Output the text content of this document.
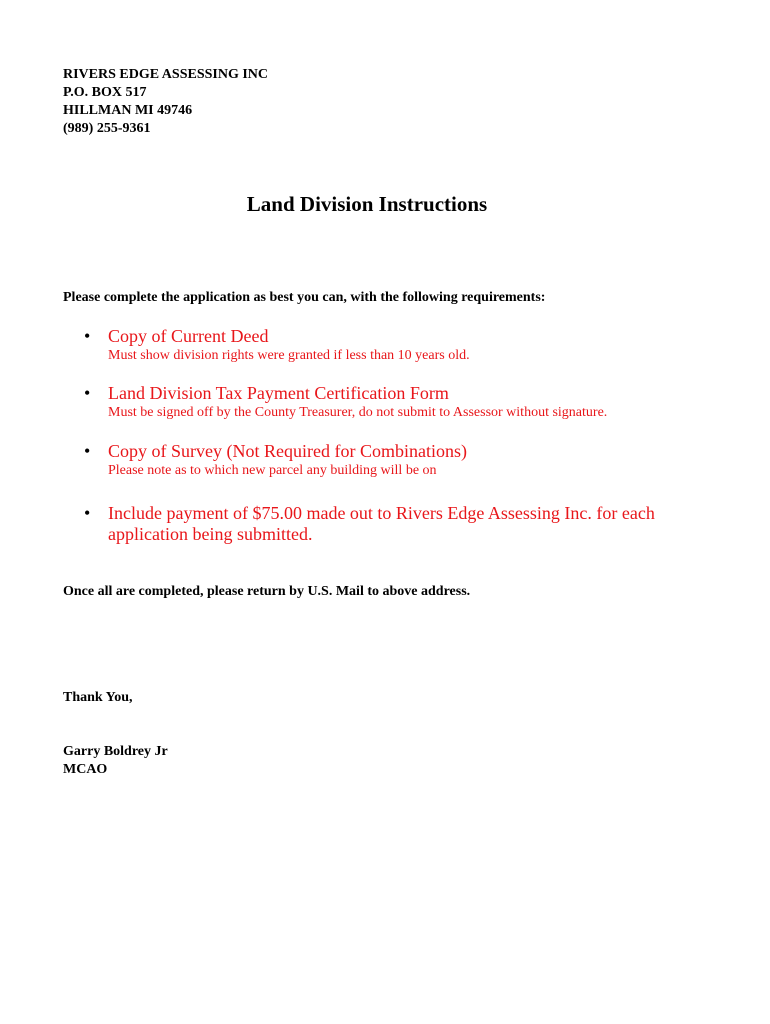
RIVERS EDGE ASSESSING INC
P.O. BOX 517
HILLMAN MI 49746
(989) 255-9361
Land Division Instructions
Please complete the application as best you can, with the following requirements:
• Copy of Current Deed
Must show division rights were granted if less than 10 years old.
• Land Division Tax Payment Certification Form
Must be signed off by the County Treasurer, do not submit to Assessor without signature.
• Copy of Survey (Not Required for Combinations)
Please note as to which new parcel any building will be on
• Include payment of $75.00 made out to Rivers Edge Assessing Inc. for each application being submitted.
Once all are completed, please return by U.S. Mail to above address.
Thank You,
Garry Boldrey Jr
MCAO
